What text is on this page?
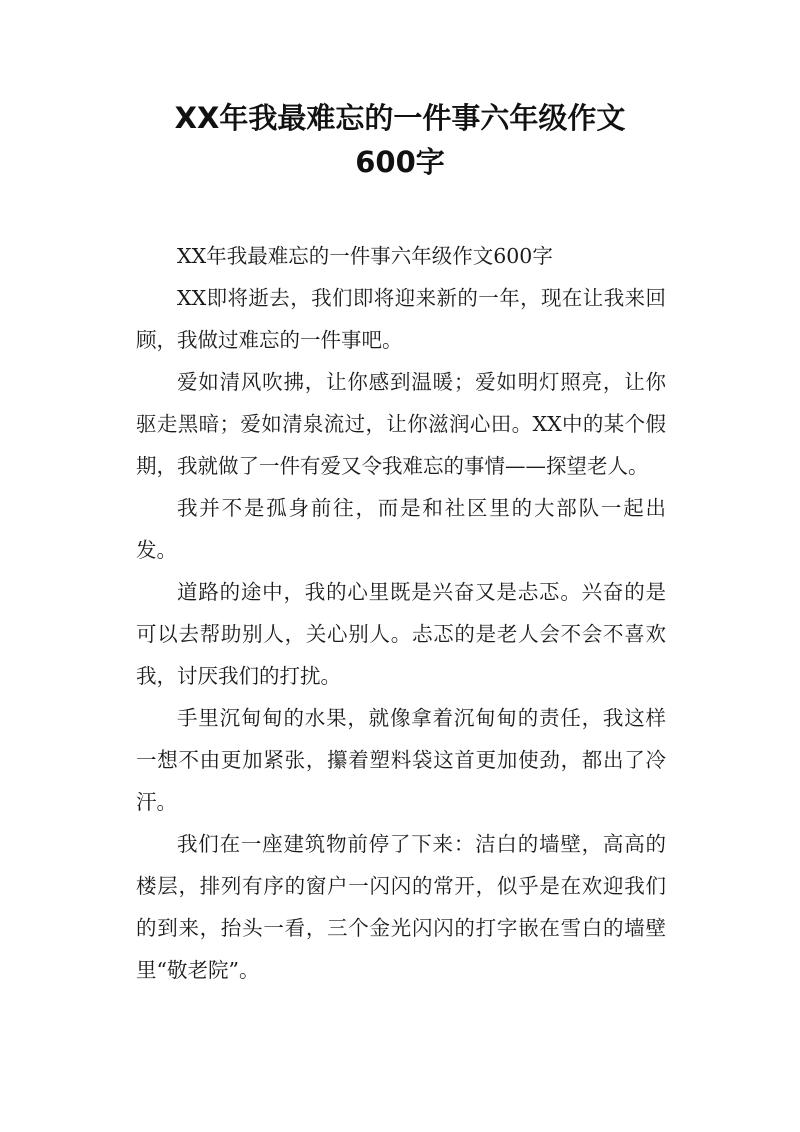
XX年我最难忘的一件事六年级作文
600字

XX年我最难忘的一件事六年级作文600字

XX即将逝去，我们即将迎来新的一年，现在让我来回顾，我做过难忘的一件事吧。

爱如清风吹拂，让你感到温暖；爱如明灯照亮，让你驱走黑暗；爱如清泉流过，让你滋润心田。XX中的某个假期，我就做了一件有爱又令我难忘的事情——探望老人。

我并不是孤身前往，而是和社区里的大部队一起出发。

道路的途中，我的心里既是兴奋又是忐忑。兴奋的是可以去帮助别人，关心别人。忐忑的是老人会不会不喜欢我，讨厌我们的打扰。

手里沉甸甸的水果，就像拿着沉甸甸的责任，我这样一想不由更加紧张，攥着塑料袋这首更加使劲，都出了冷汗。

我们在一座建筑物前停了下来：洁白的墙壁，高高的楼层，排列有序的窗户一闪闪的常开，似乎是在欢迎我们的到来，抬头一看，三个金光闪闪的打字嵌在雪白的墙壁里“敬老院”。
